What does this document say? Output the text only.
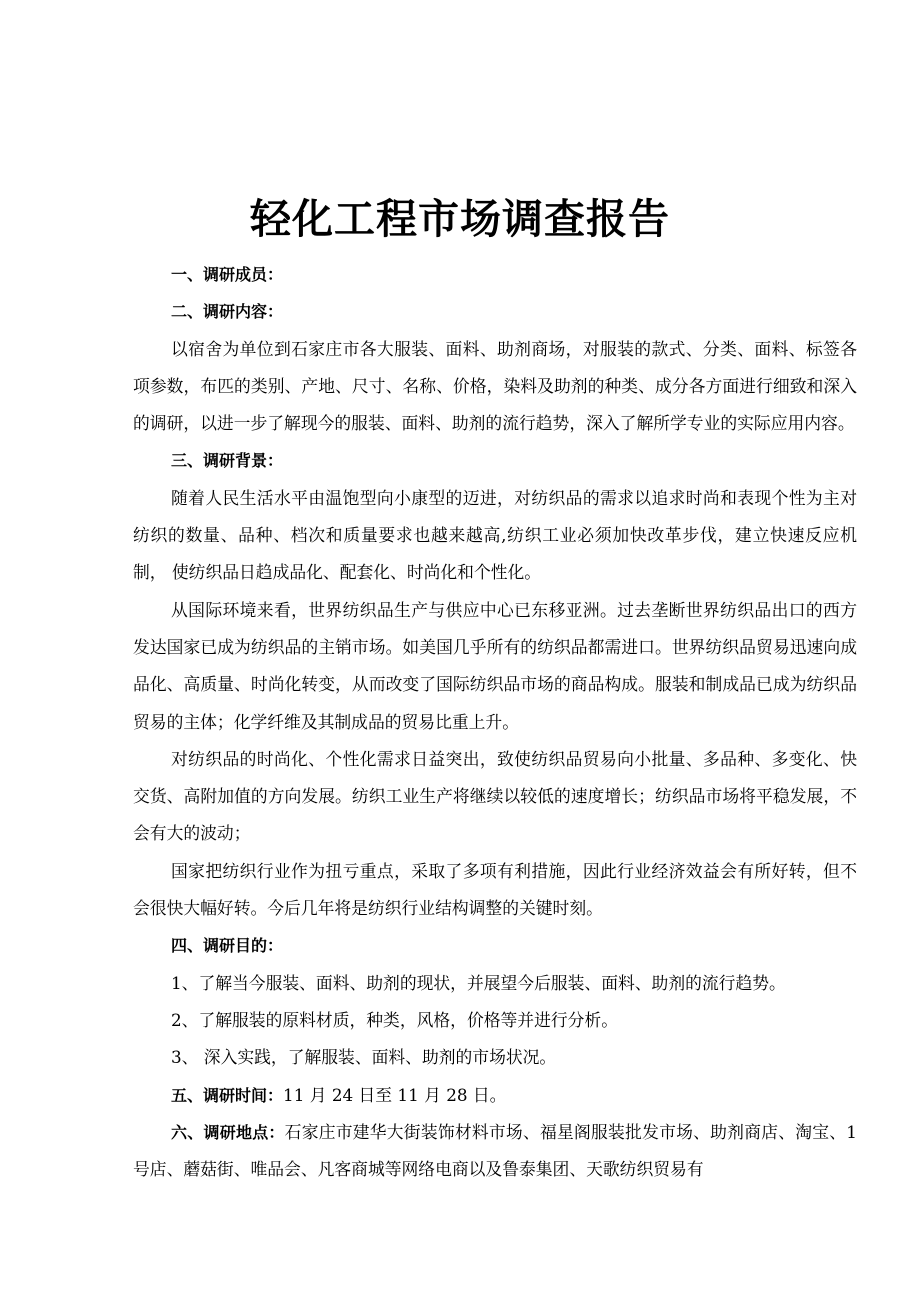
轻化工程市场调查报告

一、调研成员：

二、调研内容：

以宿舍为单位到石家庄市各大服装、面料、助剂商场，对服装的款式、分类、面料、标签各项参数，布匹的类别、产地、尺寸、名称、价格，染料及助剂的种类、成分各方面进行细致和深入的调研，以进一步了解现今的服装、面料、助剂的流行趋势，深入了解所学专业的实际应用内容。

三、调研背景：

随着人民生活水平由温饱型向小康型的迈进，对纺织品的需求以追求时尚和表现个性为主对纺织的数量、品种、档次和质量要求也越来越高,纺织工业必须加快改革步伐，建立快速反应机制， 使纺织品日趋成品化、配套化、时尚化和个性化。

从国际环境来看，世界纺织品生产与供应中心已东移亚洲。过去垄断世界纺织品出口的西方发达国家已成为纺织品的主销市场。如美国几乎所有的纺织品都需进口。世界纺织品贸易迅速向成品化、高质量、时尚化转变，从而改变了国际纺织品市场的商品构成。服装和制成品已成为纺织品贸易的主体；化学纤维及其制成品的贸易比重上升。

对纺织品的时尚化、个性化需求日益突出，致使纺织品贸易向小批量、多品种、多变化、快交货、高附加值的方向发展。纺织工业生产将继续以较低的速度增长；纺织品市场将平稳发展，不会有大的波动；

国家把纺织行业作为扭亏重点，采取了多项有利措施，因此行业经济效益会有所好转，但不会很快大幅好转。今后几年将是纺织行业结构调整的关键时刻。

四、调研目的：

1、了解当今服装、面料、助剂的现状，并展望今后服装、面料、助剂的流行趋势。

2、了解服装的原料材质，种类，风格，价格等并进行分析。

3、 深入实践，了解服装、面料、助剂的市场状况。

五、调研时间：11 月 24 日至 11 月 28 日。

六、调研地点：石家庄市建华大街装饰材料市场、福星阁服装批发市场、助剂商店、淘宝、1 号店、蘑菇街、唯品会、凡客商城等网络电商以及鲁泰集团、天歌纺织贸易有
